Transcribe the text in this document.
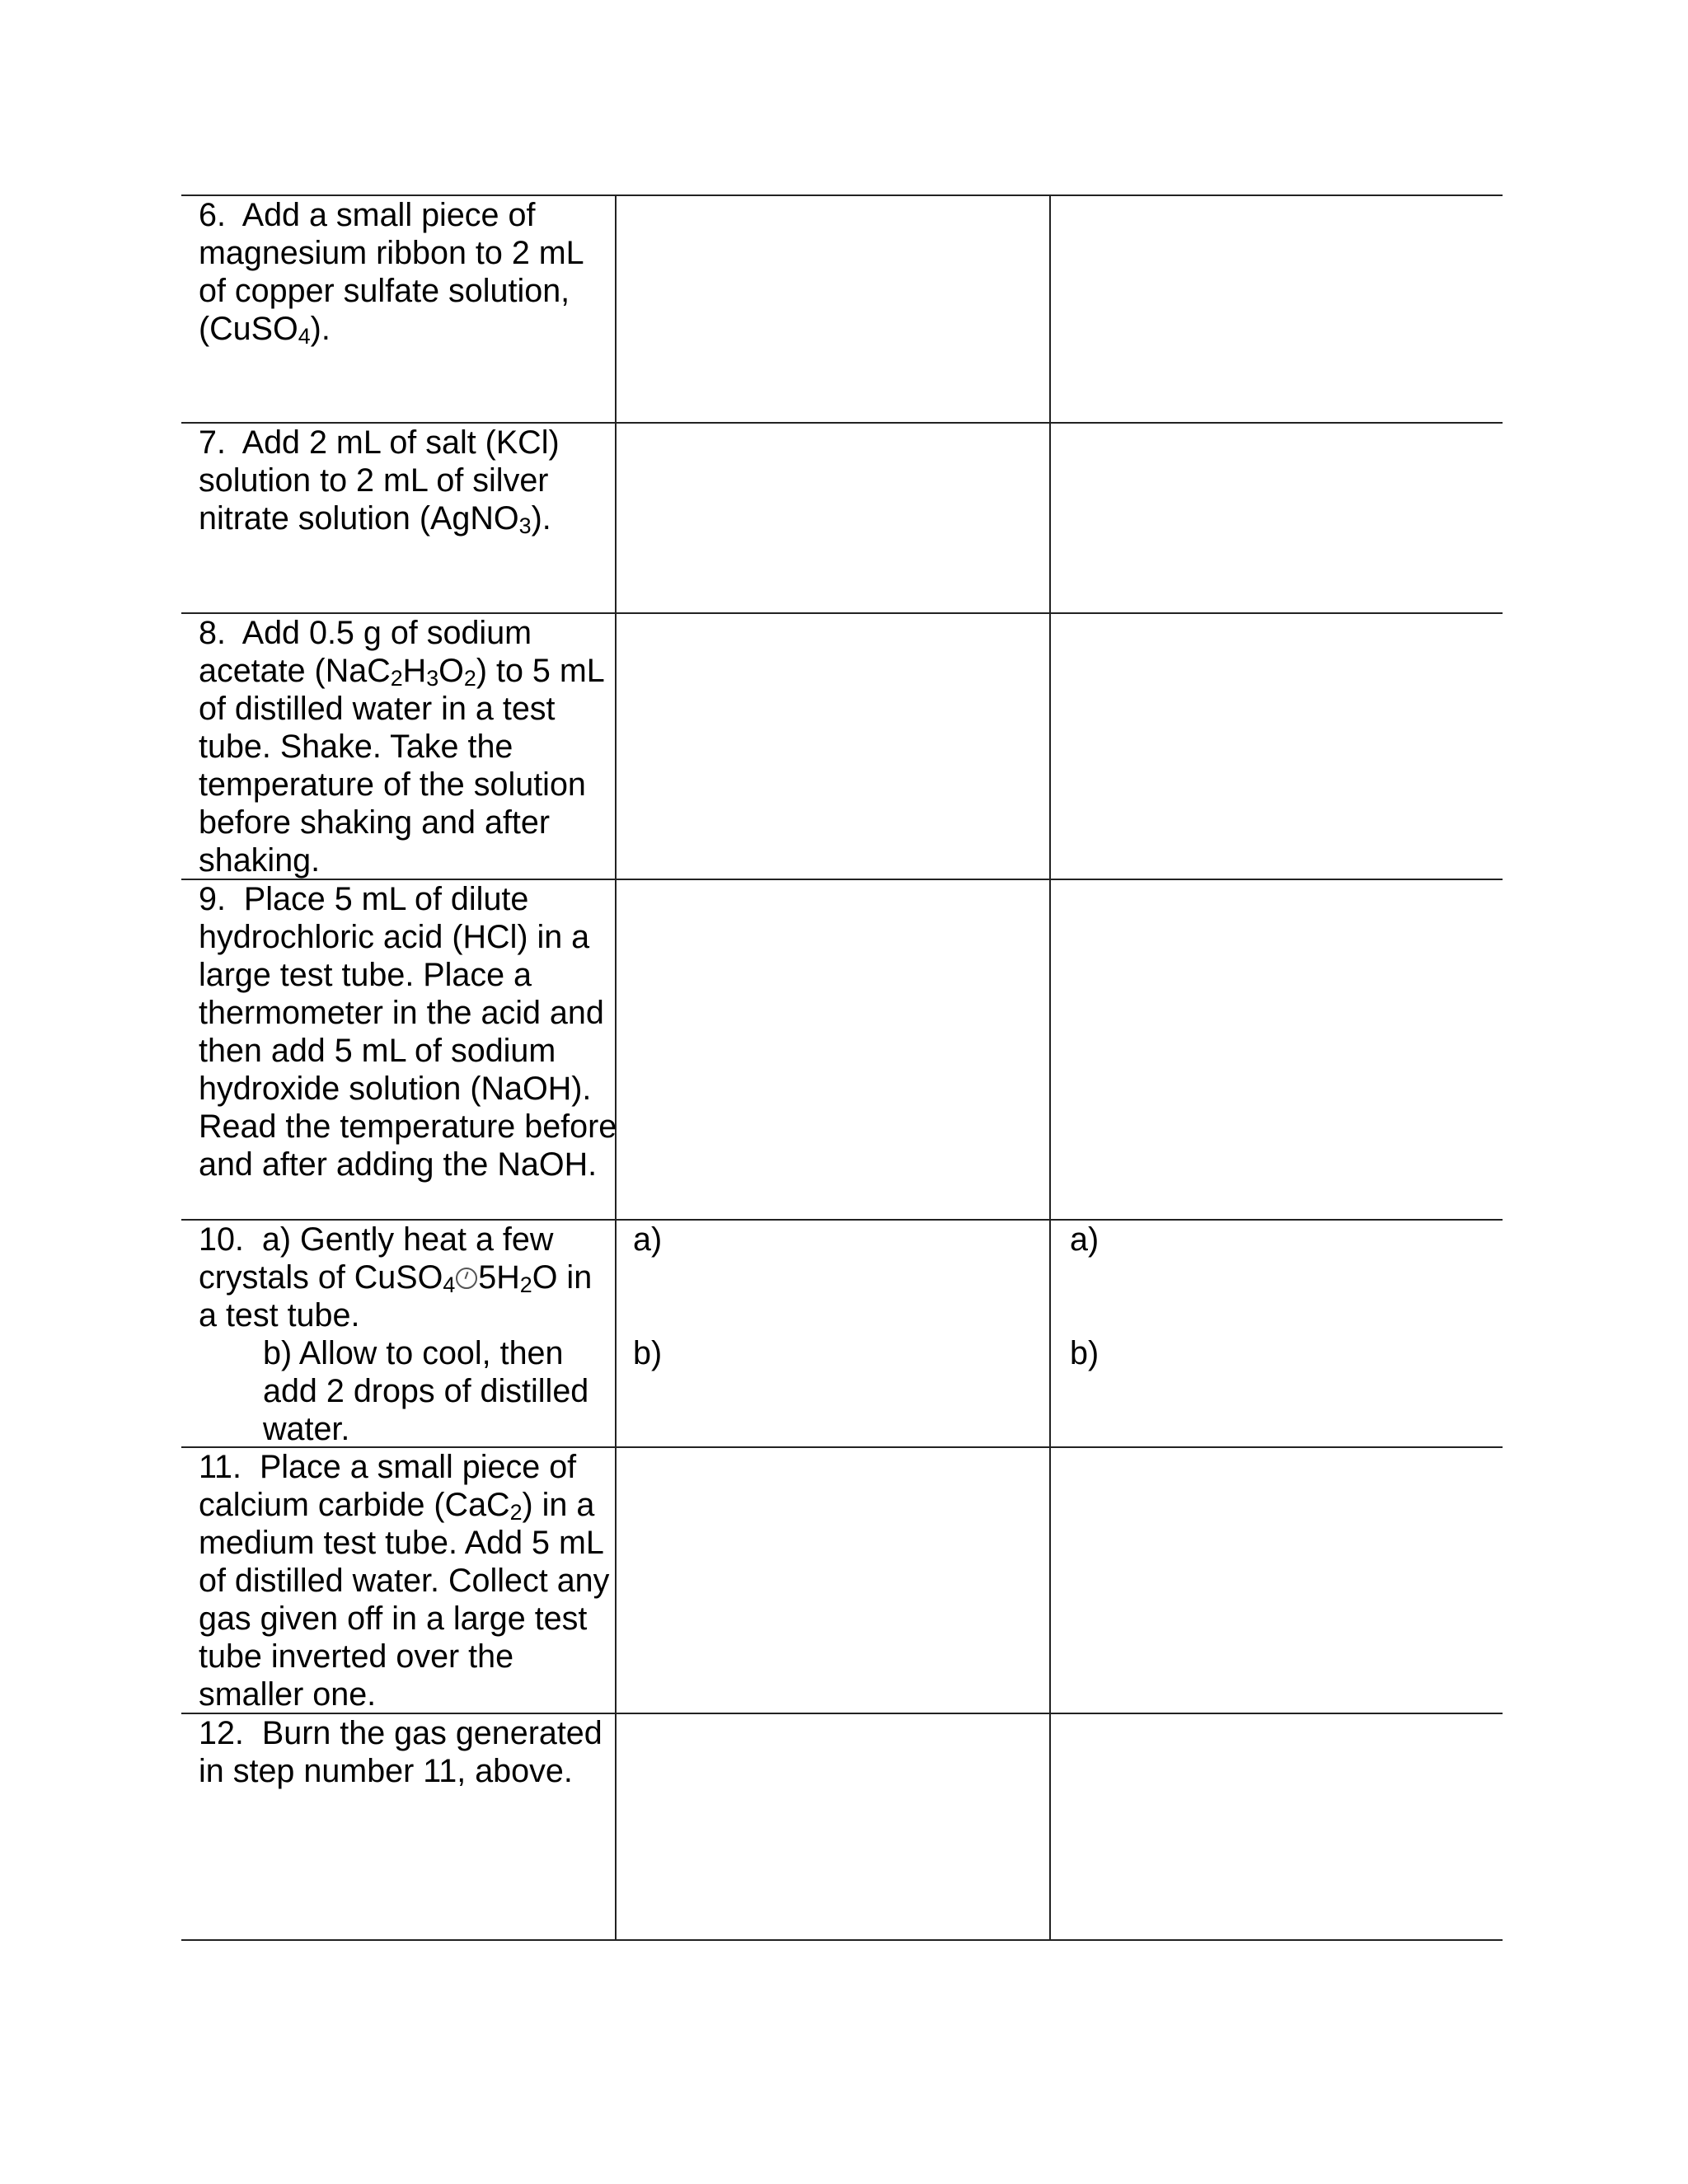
6. Add a small piece of magnesium ribbon to 2 mL of copper sulfate solution, (CuSO$_4$).

7. Add 2 mL of salt (KCl) solution to 2 mL of silver nitrate solution (AgNO$_3$).

8. Add 0.5 g of sodium acetate $(NaC_2H_3O_2)$ to 5 mL of distilled water in a test tube. Shake. Take the temperature of the solution before shaking and after shaking.

9. Place 5 mL of dilute hydrochloric acid (HCl) in a large test tube. Place a thermometer in the acid and then add 5 mL of sodium hydroxide solution (NaOH). Read the temperature before and after adding the NaOH.

10. a) Gently heat a few crystals of CuSO$_4$ $5H_2O$ in a test tube.
b) Allow to cool, then add 2 drops of distilled water.

a)
b)
a)
b)

11. Place a small piece of calcium carbide (CaC$_2$) in a medium test tube. Add 5 mL of distilled water. Collect any gas given off in a large test tube inverted over the smaller one.

12. Burn the gas generated in step number 11, above.
